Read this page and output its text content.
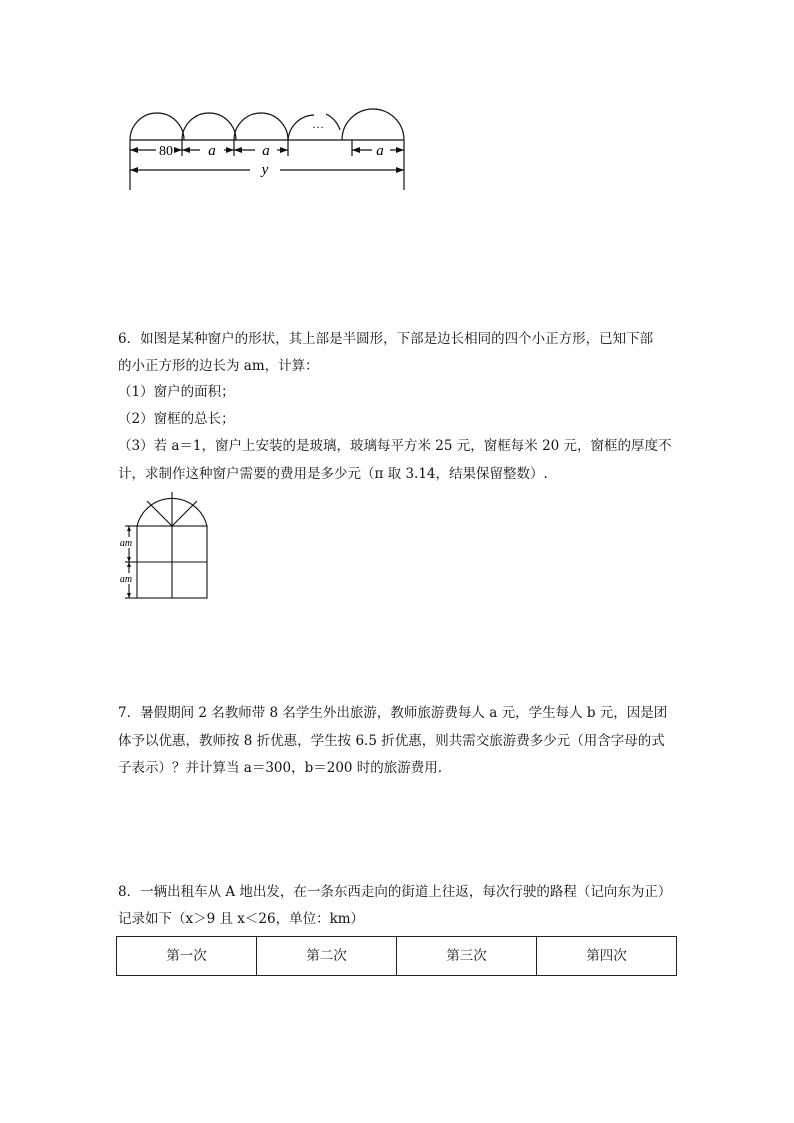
80 a	a	a
…
y
6．如图是某种窗户的形状，其上部是半圆形，下部是边长相同的四个小正方形，已知下部
的小正方形的边长为 am，计算：
（1）窗户的面积；
（2）窗框的总长；
（3）若 a＝1，窗户上安装的是玻璃，玻璃每平方米 25 元，窗框每米 20 元，窗框的厚度不
计，求制作这种窗户需要的费用是多少元（π 取 3.14，结果保留整数）.
am
am
7．暑假期间 2 名教师带 8 名学生外出旅游，教师旅游费每人 a 元，学生每人 b 元，因是团
体予以优惠，教师按 8 折优惠，学生按 6.5 折优惠，则共需交旅游费多少元（用含字母的式
子表示）？并计算当 a＝300，b＝200 时的旅游费用.
8．一辆出租车从 A 地出发，在一条东西走向的街道上往返，每次行驶的路程（记向东为正）
记录如下（x＞9 且 x＜26，单位：km）
第一次	第二次	第三次	第四次
